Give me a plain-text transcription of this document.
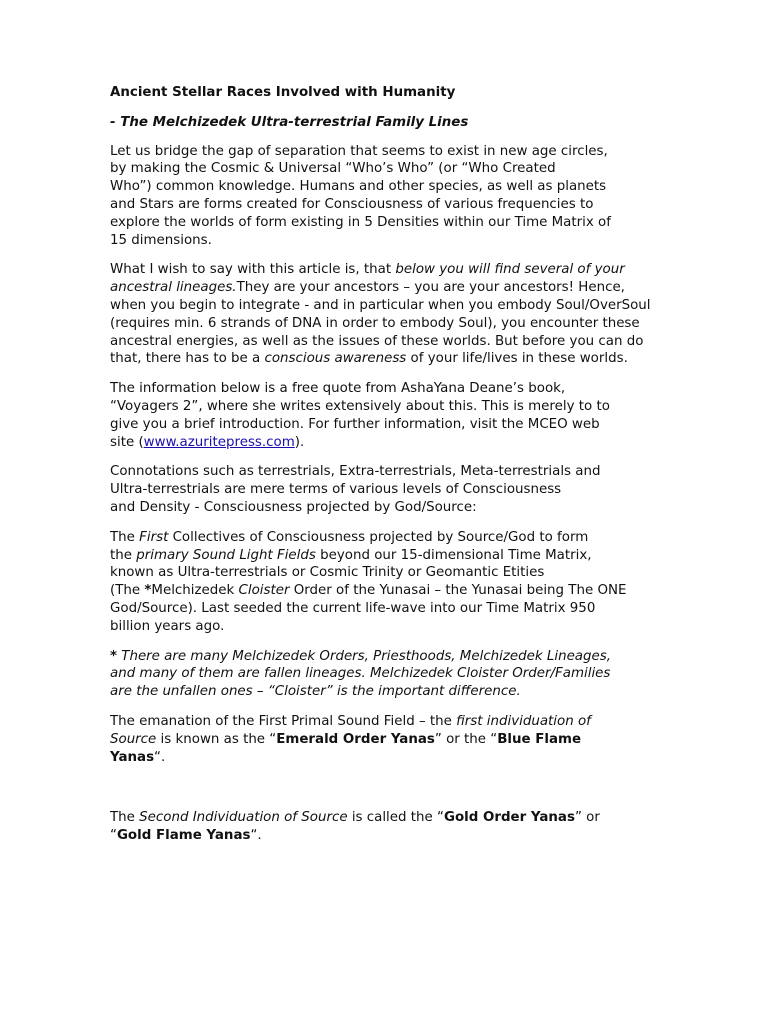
Ancient Stellar Races Involved with Humanity

- The Melchizedek Ultra-terrestrial Family Lines

Let us bridge the gap of separation that seems to exist in new age circles,
by making the Cosmic & Universal “Who’s Who” (or “Who Created
Who”) common knowledge. Humans and other species, as well as planets
and Stars are forms created for Consciousness of various frequencies to
explore the worlds of form existing in 5 Densities within our Time Matrix of
15 dimensions.

What I wish to say with this article is, that below you will find several of your ancestral lineages.They are your ancestors – you are your ancestors! Hence, when you begin to integrate - and in particular when you embody Soul/OverSoul (requires min. 6 strands of DNA in order to embody Soul), you encounter these ancestral energies, as well as the issues of these worlds. But before you can do that, there has to be a conscious awareness of your life/lives in these worlds.

The information below is a free quote from AshaYana Deane’s book,
“Voyagers 2”, where she writes extensively about this. This is merely to to
give you a brief introduction. For further information, visit the MCEO web
site (www.azuritepress.com).

Connotations such as terrestrials, Extra-terrestrials, Meta-terrestrials and
Ultra-terrestrials are mere terms of various levels of Consciousness
and Density - Consciousness projected by God/Source:

The First Collectives of Consciousness projected by Source/God to form
the primary Sound Light Fields beyond our 15-dimensional Time Matrix,
known as Ultra-terrestrials or Cosmic Trinity or Geomantic Etities
(The *Melchizedek Cloister Order of the Yunasai – the Yunasai being The ONE
God/Source). Last seeded the current life-wave into our Time Matrix 950
billion years ago.

* There are many Melchizedek Orders, Priesthoods, Melchizedek Lineages,
and many of them are fallen lineages. Melchizedek Cloister Order/Families
are the unfallen ones – “Cloister” is the important difference.

The emanation of the First Primal Sound Field – the first individuation of
Source is known as the “Emerald Order Yanas” or the “Blue Flame
Yanas“.

The Second Individuation of Source is called the “Gold Order Yanas” or
“Gold Flame Yanas“.
